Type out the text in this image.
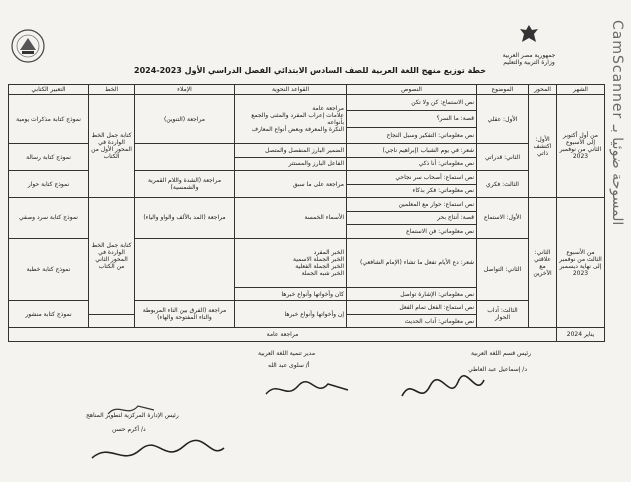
جمهورية مصر العربية
وزارة التربية والتعليم
خطة توزيع منهج اللغة العربية للصف السادس الابتدائي الفصل الدراسي الأول 2023-2024	CamScanner المسوحة ضوئيا بـ
الشهر	المحور	الموضوع	النصوص	القواعد النحوية	الإملاء	الخط	التعبير الكتابي
من أول أكتوبر إلى الأسبوع الثاني من نوفمبر 2023	الأول: اكتشف ذاتي	الأول: عقلي	نص الاستماع: كن ولا تكن	مراجعة عامة
علامات إعراب المفرد والمثنى والجمع بأنواعه
النكرة والمعرفة وبعض أنواع المعارف	مراجعة (التنوين)	كتابة جمل الخط الواردة في المحور الأول من الكتاب	نموذج كتابة مذكرات يومية
			قصة: ما السر؟				
			نص معلوماتي: التفكير وسبل النجاح				
		الثاني: قدراتي	شعر: في يوم الشباب (إبراهيم ناجي)	الضمير البارز المنفصل والمتصل			نموذج كتابة رسالة
			نص معلوماتي: أنا ذكي	الفاعل البارز والمستتر			
		الثالث: فكري	نص استماع: أصحاب سر نجاحي	مراجعة على ما سبق	مراجعة (الشدة واللام القمرية والشمسية)		نموذج كتابة حوار
			نص معلوماتي: فكر بذكاء				
من الأسبوع الثالث من نوفمبر إلى نهاية ديسمبر 2023	الثاني: علاقتي مع الآخرين	الأول: الاستماع	نص استماع: حوار مع المعلمين	الأسماء الخمسة	مراجعة (المد بالألف والواو والياء)	كتابة جمل الخط الواردة في المحور الثاني من الكتاب	نموذج كتابة سرد وصفي
			قصة: أنتاج بحر				
			نص معلوماتي: فن الاستماع				
		الثاني: التواصل	شعر: دع الأيام تفعل ما تشاء (الإمام الشافعي)	الخبر المفرد
الخبر الجملة الاسمية
الخبر الجملة الفعلية
الخبر شبه الجملة			نموذج كتابة خطبة
			نص معلوماتي: الإشارة تواصل	كان وأخواتها وأنواع خبرها			
		الثالث: آداب الحوار	نص استماع: الفعل تمام الفعل	إن وأخواتها وأنواع خبرها	مراجعة (الفرق بين التاء المربوطة والتاء المفتوحة والهاء)		نموذج كتابة منشور
			نص معلوماتي: آداب الحديث				
يناير 2024	مراجعة عامة						
رئيس قسم اللغة العربية
د/ إسماعيل عبد العاطي
مدير تنمية اللغة العربية
أ/ سلوى عبد الله
رئيس الإدارة المركزية لتطوير المناهج
د/ أكرم حسن
